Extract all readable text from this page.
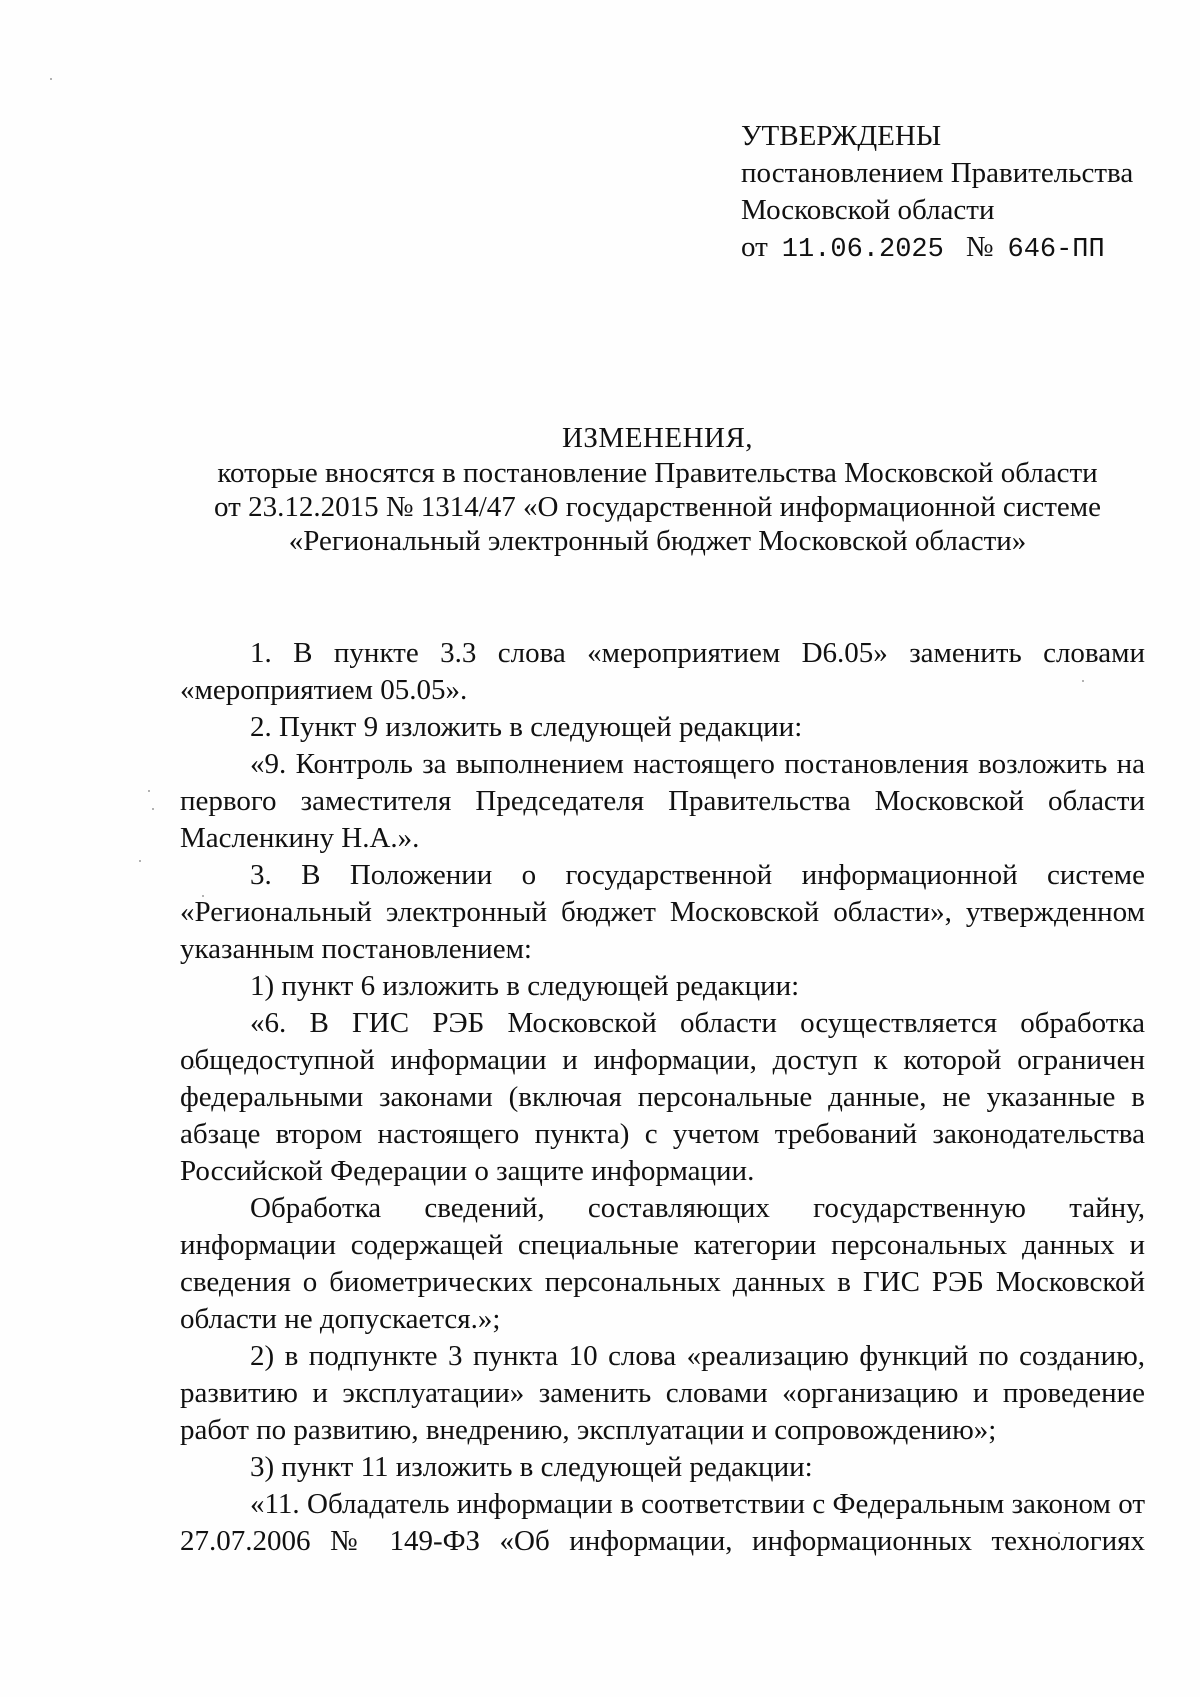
УТВЕРЖДЕНЫ
постановлением Правительства
Московской области
от 11.06.2025 № 646-ПП
ИЗМЕНЕНИЯ,
которые вносятся в постановление Правительства Московской области
от 23.12.2015 № 1314/47 «О государственной информационной системе
«Региональный электронный бюджет Московской области»

1. В пункте 3.3 слова «мероприятием D6.05» заменить словами «мероприятием 05.05».

2. Пункт 9 изложить в следующей редакции:

«9. Контроль за выполнением настоящего постановления возложить на первого заместителя Председателя Правительства Московской области Масленкину Н.А.».

3. В Положении о государственной информационной системе «Региональный электронный бюджет Московской области», утвержденном указанным постановлением:

1) пункт 6 изложить в следующей редакции:

«6. В ГИС РЭБ Московской области осуществляется обработка общедоступной информации и информации, доступ к которой ограничен федеральными законами (включая персональные данные, не указанные в абзаце втором настоящего пункта) с учетом требований законодательства Российской Федерации о защите информации.

Обработка сведений, составляющих государственную тайну, информации содержащей специальные категории персональных данных и сведения о биометрических персональных данных в ГИС РЭБ Московской области не допускается.»;

2) в подпункте 3 пункта 10 слова «реализацию функций по созданию, развитию и эксплуатации» заменить словами «организацию и проведение работ по развитию, внедрению, эксплуатации и сопровождению»;

3) пункт 11 изложить в следующей редакции:

«11. Обладатель информации в соответствии с Федеральным законом от 27.07.2006 № 149-ФЗ «Об информации, информационных технологиях
